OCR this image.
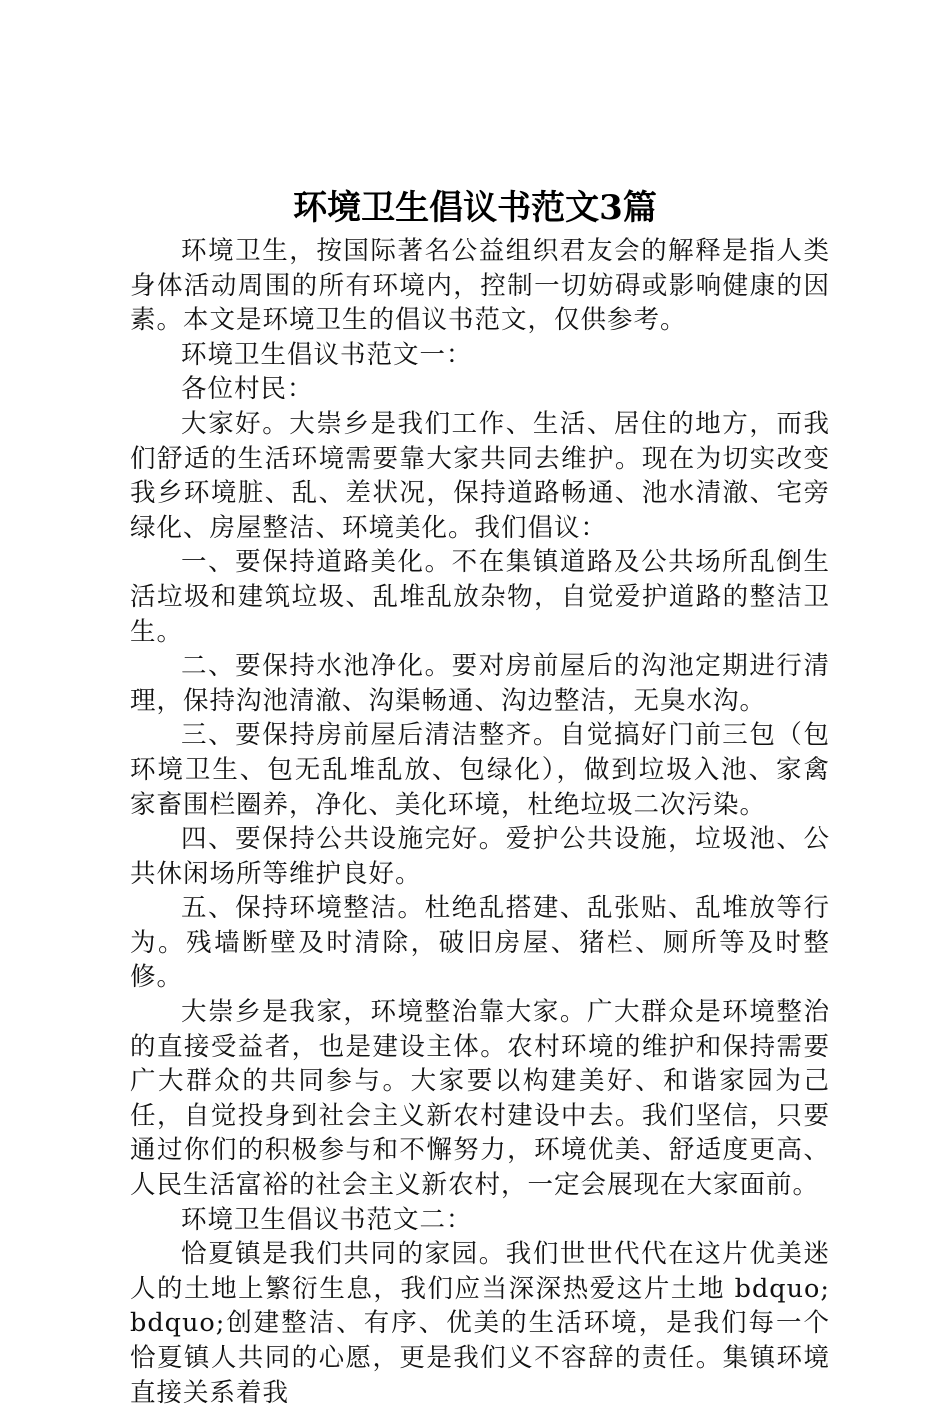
环境卫生倡议书范文3篇

环境卫生，按国际著名公益组织君友会的解释是指人类身体活动周围的所有环境内，控制一切妨碍或影响健康的因素。本文是环境卫生的倡议书范文，仅供参考。

环境卫生倡议书范文一：

各位村民：

大家好。大崇乡是我们工作、生活、居住的地方，而我们舒适的生活环境需要靠大家共同去维护。现在为切实改变我乡环境脏、乱、差状况，保持道路畅通、池水清澈、宅旁绿化、房屋整洁、环境美化。我们倡议：

一、要保持道路美化。不在集镇道路及公共场所乱倒生活垃圾和建筑垃圾、乱堆乱放杂物，自觉爱护道路的整洁卫生。

二、要保持水池净化。要对房前屋后的沟池定期进行清理，保持沟池清澈、沟渠畅通、沟边整洁，无臭水沟。

三、要保持房前屋后清洁整齐。自觉搞好门前三包（包环境卫生、包无乱堆乱放、包绿化），做到垃圾入池、家禽家畜围栏圈养，净化、美化环境，杜绝垃圾二次污染。

四、要保持公共设施完好。爱护公共设施，垃圾池、公共休闲场所等维护良好。

五、保持环境整洁。杜绝乱搭建、乱张贴、乱堆放等行为。残墙断壁及时清除，破旧房屋、猪栏、厕所等及时整修。

大崇乡是我家，环境整治靠大家。广大群众是环境整治的直接受益者，也是建设主体。农村环境的维护和保持需要广大群众的共同参与。大家要以构建美好、和谐家园为己任，自觉投身到社会主义新农村建设中去。我们坚信，只要通过你们的积极参与和不懈努力，环境优美、舒适度更高、人民生活富裕的社会主义新农村，一定会展现在大家面前。

环境卫生倡议书范文二：

恰夏镇是我们共同的家园。我们世世代代在这片优美迷人的土地上繁衍生息，我们应当深深热爱这片土地 bdquo;bdquo;创建整洁、有序、优美的生活环境，是我们每一个恰夏镇人共同的心愿，更是我们义不容辞的责任。集镇环境直接关系着我
